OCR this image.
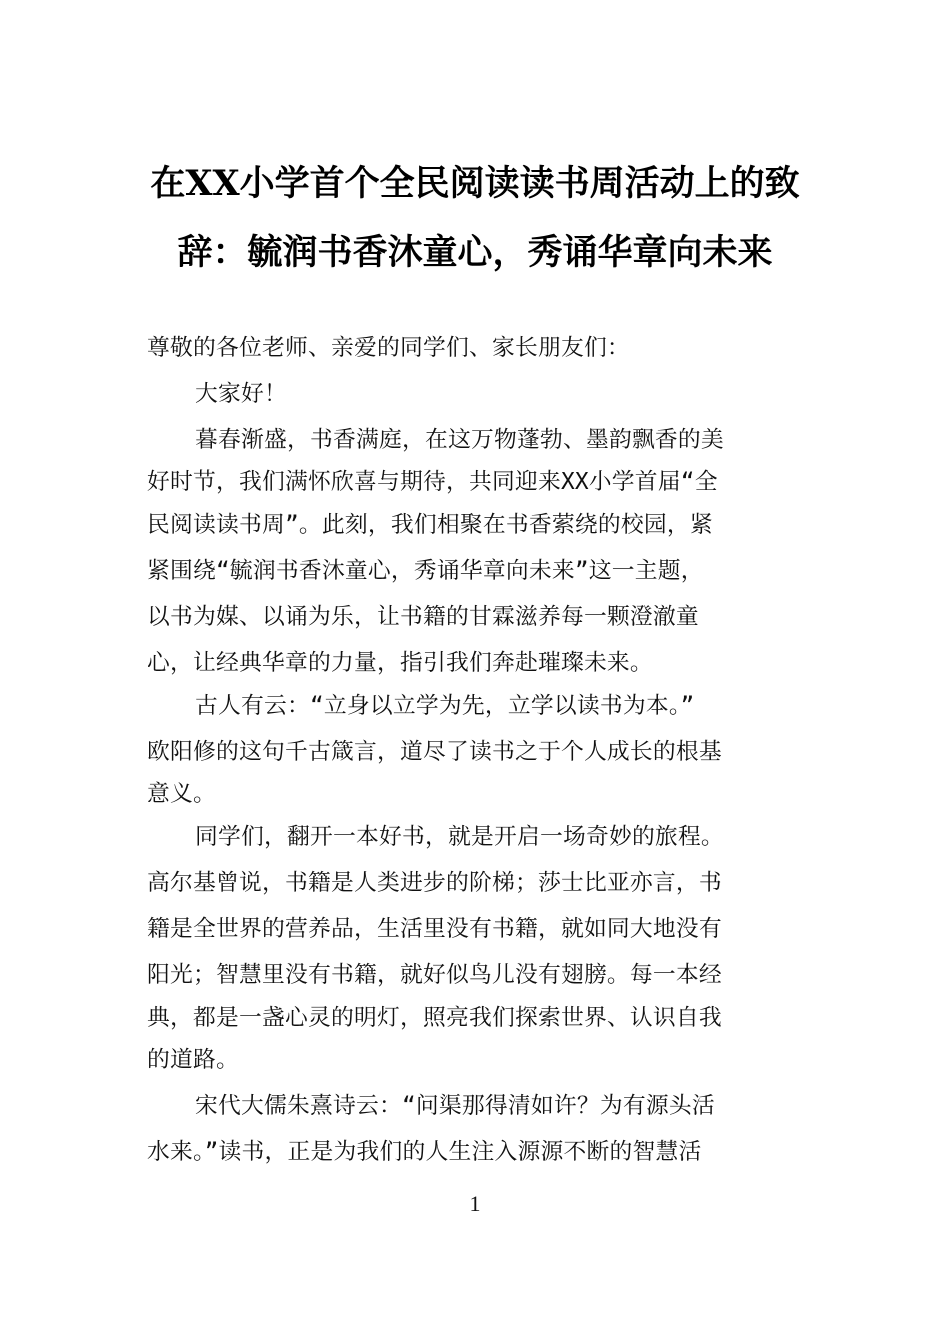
在XX小学首个全民阅读读书周活动上的致
辞：毓润书香沐童心，秀诵华章向未来
尊敬的各位老师、亲爱的同学们、家长朋友们：
大家好！
暮春渐盛，书香满庭，在这万物蓬勃、墨韵飘香的美
好时节，我们满怀欣喜与期待，共同迎来XX小学首届“全
民阅读读书周”。此刻，我们相聚在书香萦绕的校园，紧
紧围绕“毓润书香沐童心，秀诵华章向未来”这一主题，
以书为媒、以诵为乐，让书籍的甘霖滋养每一颗澄澈童
心，让经典华章的力量，指引我们奔赴璀璨未来。
古人有云：“立身以立学为先，立学以读书为本。”
欧阳修的这句千古箴言，道尽了读书之于个人成长的根基
意义。
同学们，翻开一本好书，就是开启一场奇妙的旅程。
高尔基曾说，书籍是人类进步的阶梯；莎士比亚亦言，书
籍是全世界的营养品，生活里没有书籍，就如同大地没有
阳光；智慧里没有书籍，就好似鸟儿没有翅膀。每一本经
典，都是一盏心灵的明灯，照亮我们探索世界、认识自我
的道路。
宋代大儒朱熹诗云：“问渠那得清如许？为有源头活
水来。”读书，正是为我们的人生注入源源不断的智慧活
1
